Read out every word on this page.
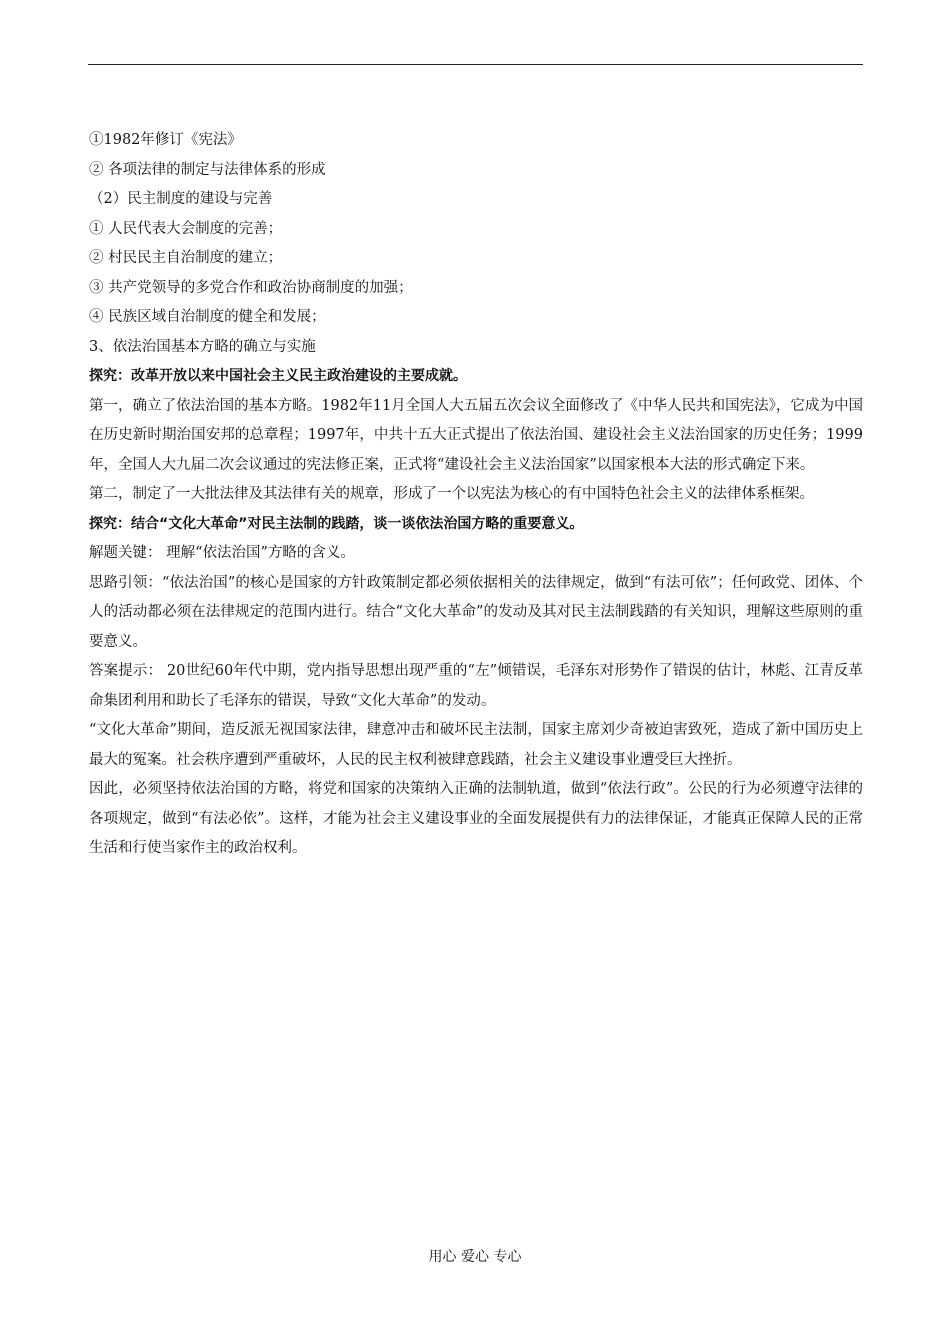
①1982年修订《宪法》
② 各项法律的制定与法律体系的形成
（2）民主制度的建设与完善
① 人民代表大会制度的完善；
② 村民民主自治制度的建立；
③ 共产党领导的多党合作和政治协商制度的加强；
④ 民族区域自治制度的健全和发展；
3、依法治国基本方略的确立与实施
探究：改革开放以来中国社会主义民主政治建设的主要成就。
第一，确立了依法治国的基本方略。1982年11月全国人大五届五次会议全面修改了《中华人民共和国宪法》，它成为中国在历史新时期治国安邦的总章程；1997年，中共十五大正式提出了依法治国、建设社会主义法治国家的历史任务；1999年，全国人大九届二次会议通过的宪法修正案，正式将“建设社会主义法治国家”以国家根本大法的形式确定下来。
第二，制定了一大批法律及其法律有关的规章，形成了一个以宪法为核心的有中国特色社会主义的法律体系框架。
探究：结合“文化大革命”对民主法制的践踏，谈一谈依法治国方略的重要意义。
解题关键： 理解“依法治国”方略的含义。
思路引领：“依法治国”的核心是国家的方针政策制定都必须依据相关的法律规定，做到“有法可依”；任何政党、团体、个人的活动都必须在法律规定的范围内进行。结合“文化大革命”的发动及其对民主法制践踏的有关知识，理解这些原则的重要意义。
答案提示： 20世纪60年代中期，党内指导思想出现严重的“左”倾错误，毛泽东对形势作了错误的估计，林彪、江青反革命集团利用和助长了毛泽东的错误，导致“文化大革命”的发动。
“文化大革命”期间，造反派无视国家法律，肆意冲击和破坏民主法制，国家主席刘少奇被迫害致死，造成了新中国历史上最大的冤案。社会秩序遭到严重破坏，人民的民主权利被肆意践踏，社会主义建设事业遭受巨大挫折。
因此，必须坚持依法治国的方略，将党和国家的决策纳入正确的法制轨道，做到“依法行政”。公民的行为必须遵守法律的各项规定，做到“有法必依”。这样，才能为社会主义建设事业的全面发展提供有力的法律保证，才能真正保障人民的正常生活和行使当家作主的政治权利。
用心 爱心 专心
